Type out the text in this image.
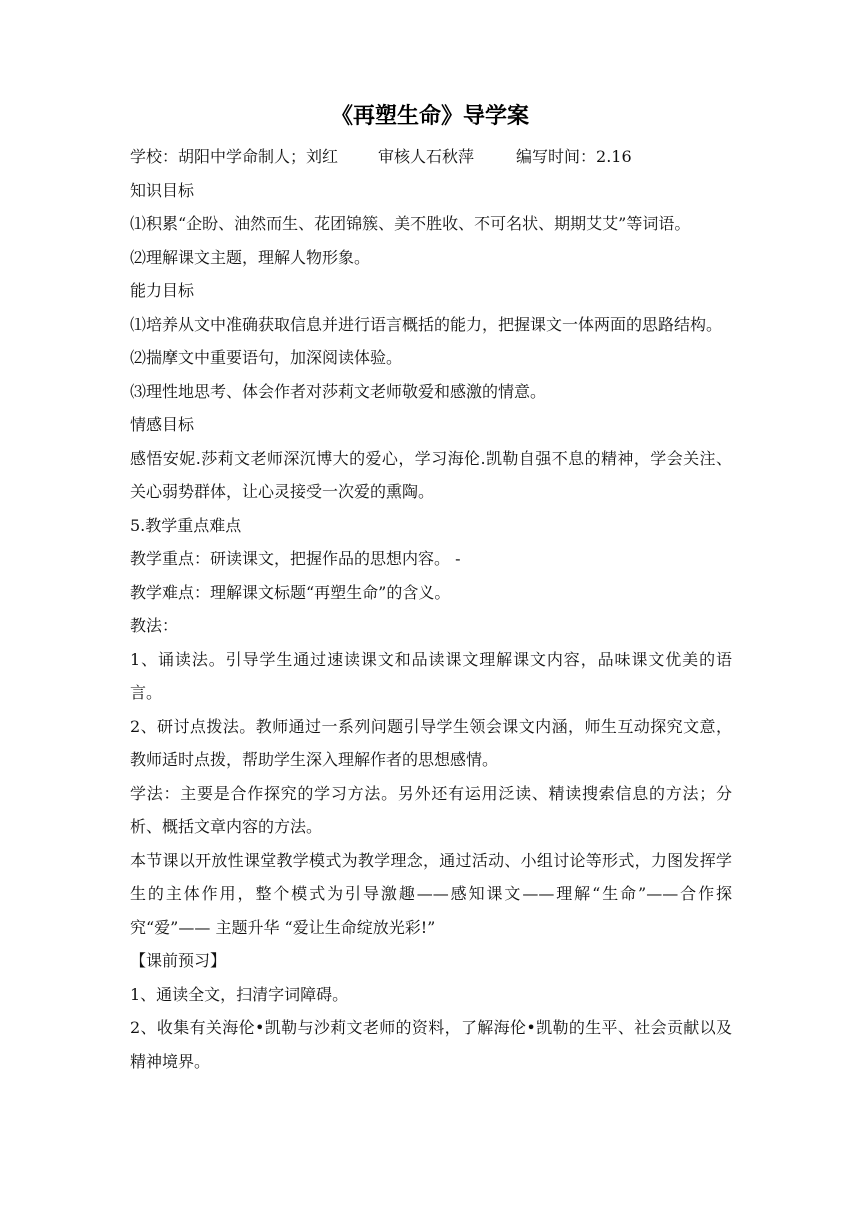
《再塑生命》导学案

学校：胡阳中学命制人；刘红	审核人石秋萍	编写时间：2.16

知识目标

⑴积累“企盼、油然而生、花团锦簇、美不胜收、不可名状、期期艾艾”等词语。

⑵理解课文主题，理解人物形象。

能力目标

⑴培养从文中准确获取信息并进行语言概括的能力，把握课文一体两面的思路结构。

⑵揣摩文中重要语句，加深阅读体验。

⑶理性地思考、体会作者对莎莉文老师敬爱和感激的情意。

情感目标

感悟安妮.莎莉文老师深沉博大的爱心，学习海伦.凯勒自强不息的精神，学会关注、关心弱势群体，让心灵接受一次爱的熏陶。

5.教学重点难点

教学重点：研读课文，把握作品的思想内容。 -

教学难点：理解课文标题“再塑生命”的含义。

教法：

1、诵读法。引导学生通过速读课文和品读课文理解课文内容，品味课文优美的语言。

2、研讨点拨法。教师通过一系列问题引导学生领会课文内涵，师生互动探究文意，教师适时点拨，帮助学生深入理解作者的思想感情。

学法：主要是合作探究的学习方法。另外还有运用泛读、精读搜索信息的方法；分析、概括文章内容的方法。

本节课以开放性课堂教学模式为教学理念，通过活动、小组讨论等形式，力图发挥学生的主体作用，整个模式为引导激趣——感知课文——理解“生命”——合作探究“爱”—— 主题升华 “爱让生命绽放光彩!”

【课前预习】

1、通读全文，扫清字词障碍。

2、收集有关海伦•凯勒与沙莉文老师的资料，了解海伦•凯勒的生平、社会贡献以及精神境界。
